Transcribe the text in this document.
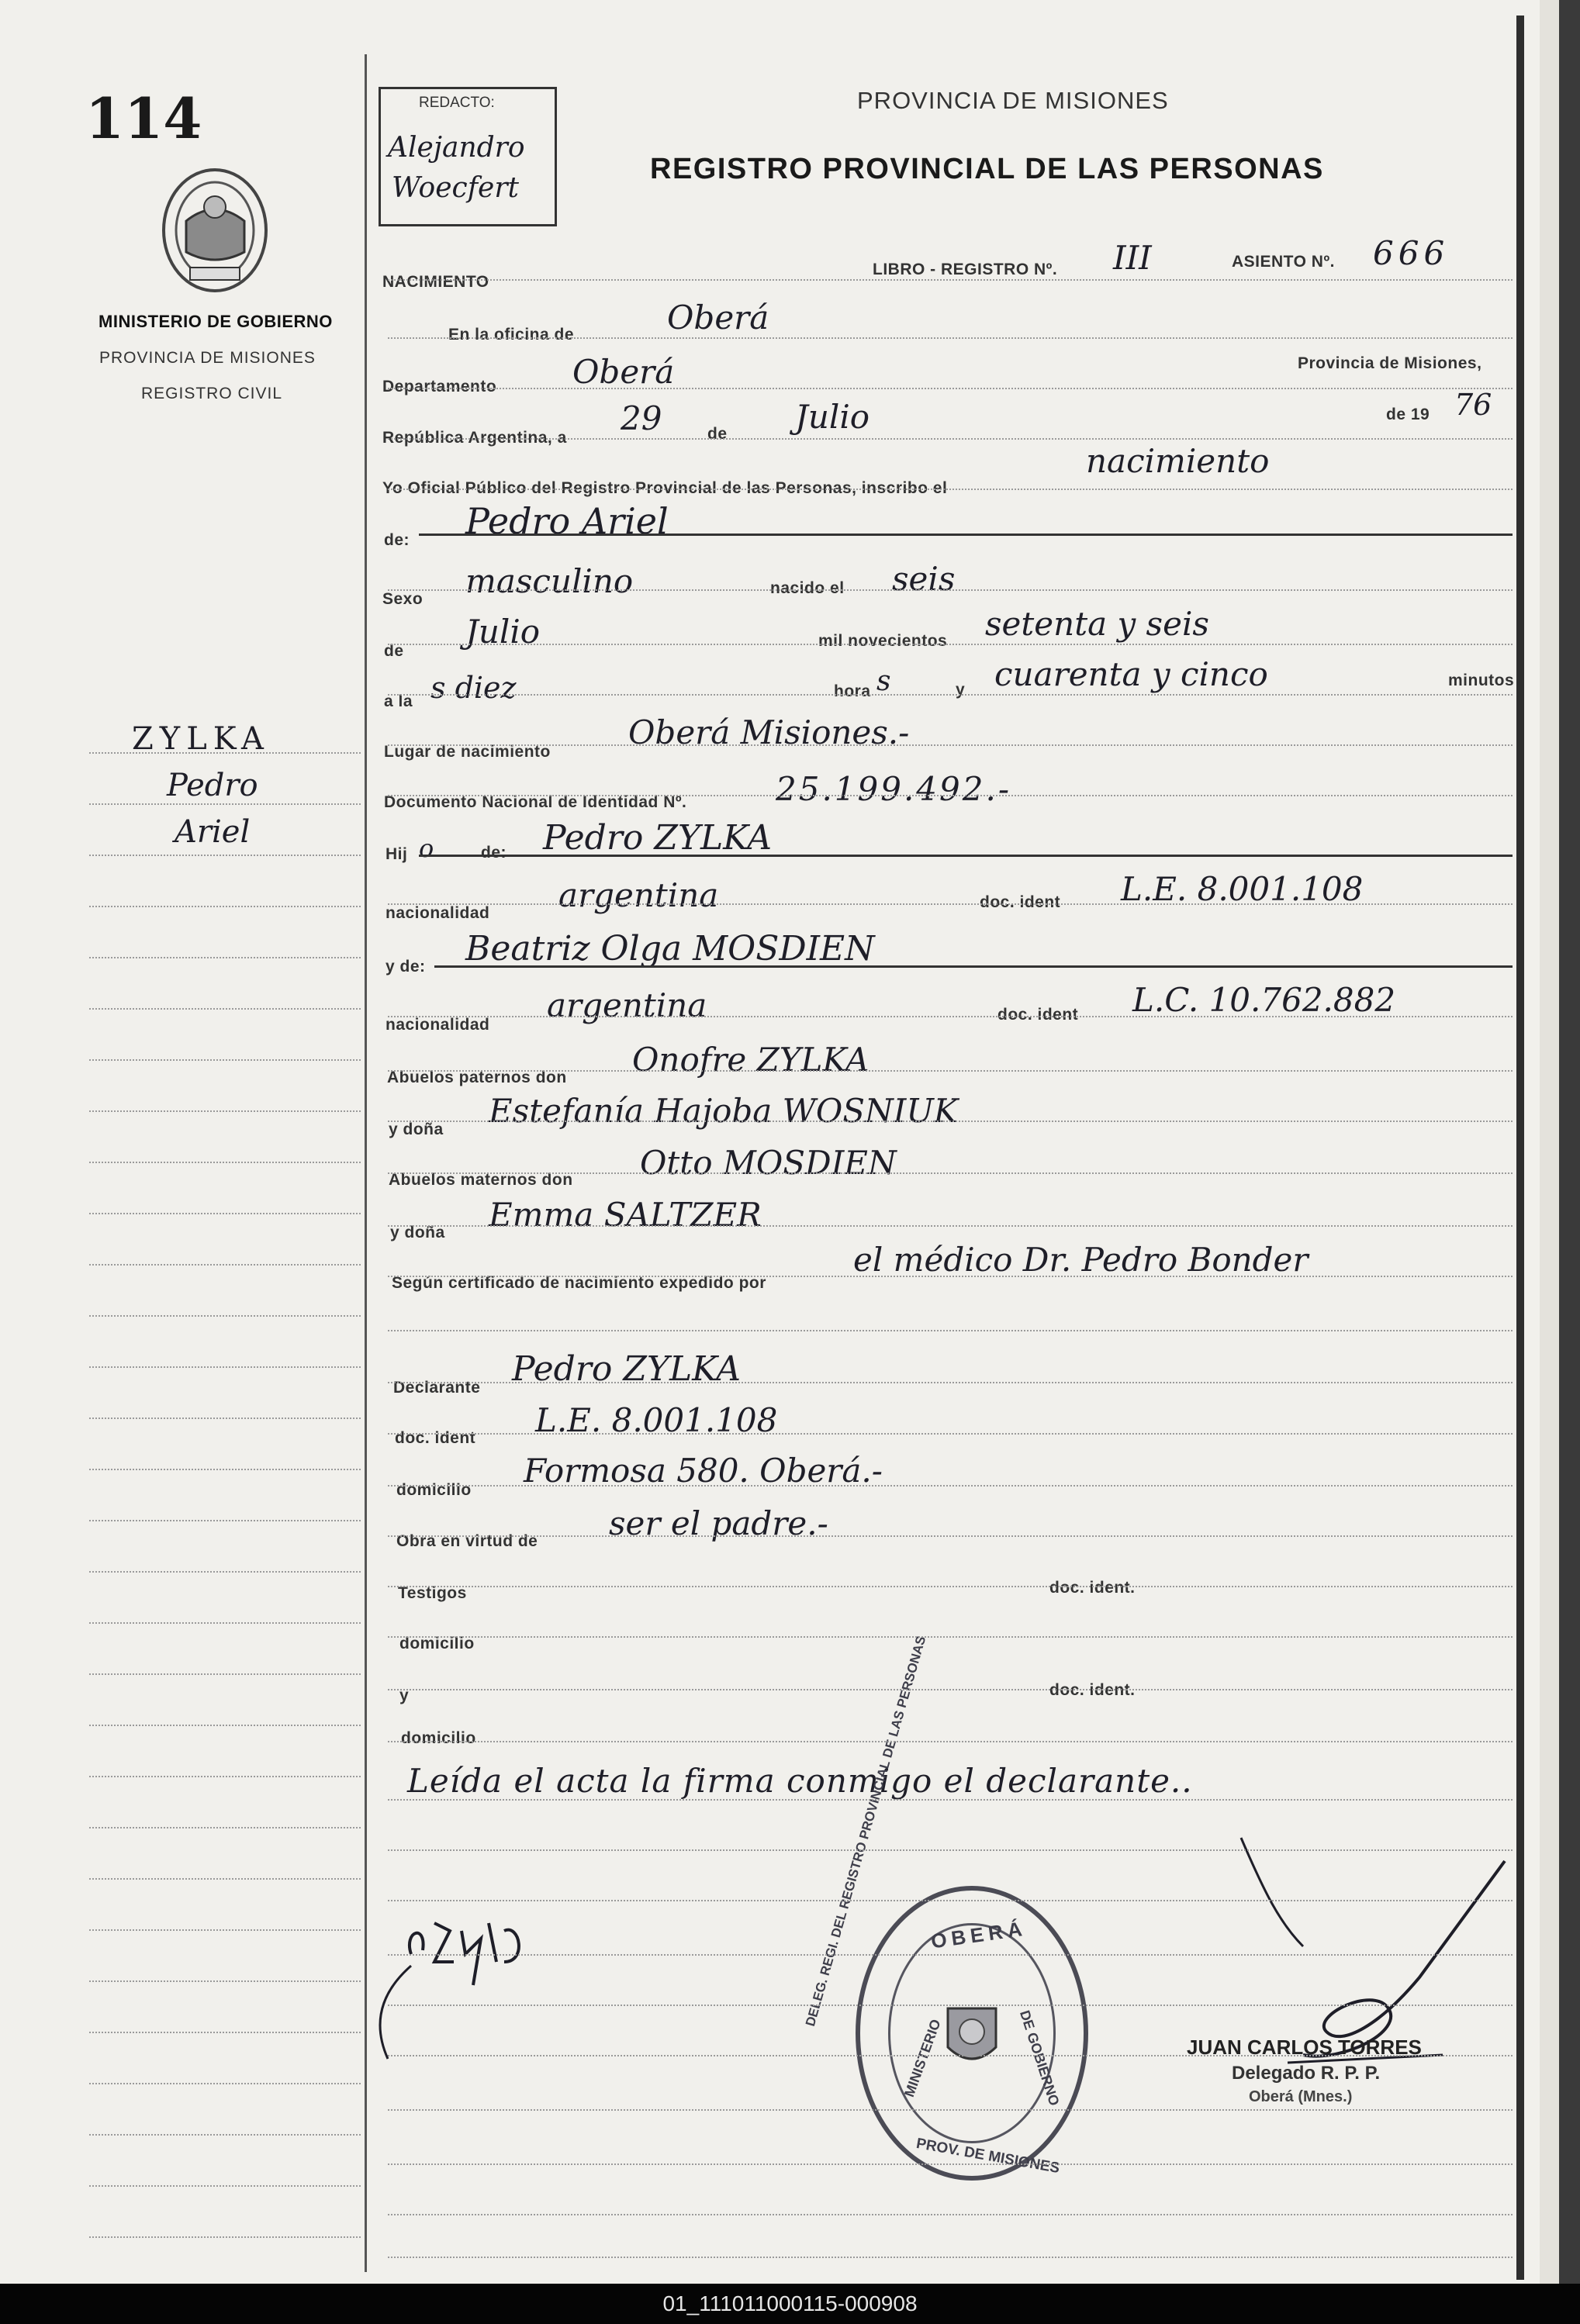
114
MINISTERIO DE GOBIERNO
PROVINCIA DE MISIONES
REGISTRO CIVIL
ZYLKA
Pedro
Ariel
REDACTO:
Alejandro
Woecfert
PROVINCIA DE MISIONES
REGISTRO PROVINCIAL DE LAS PERSONAS
NACIMIENTO
LIBRO - REGISTRO Nº. III	ASIENTO Nº. 666
En la oficina de	Oberá
Departamento Oberá	Provincia de Misiones,
República Argentina, a
29	de Julio	de 19 76
Yo Oficial Público del Registro Provincial de las Personas, inscribo el
nacimiento
de: Pedro Ariel
Sexo masculino	nacido el seis
de
Julio	mil novecientos setenta y seis
a la s diez	hora s	y cuarenta y cinco	minutos
Lugar de nacimiento
Oberá Misiones.-
Documento Nacional de Identidad Nº.	25.199.492.-
Hij o	de: Pedro ZYLKA
nacionalidad argentina	doc. ident L.E. 8.001.108
y de: Beatriz Olga MOSDIEN
nacionalidad
argentina	doc. ident L.C. 10.762.882
Abuelos paternos don Onofre ZYLKA
y doña Estefanía Hajoba WOSNIUK
Abuelos maternos don Otto MOSDIEN
y doña Emma SALTZER
Según certificado de nacimiento expedido por
el médico Dr. Pedro Bonder
Declarante Pedro ZYLKA
doc. ident L.E. 8.001.108
domicilio
Formosa 580. Oberá.-
Obra en virtud de ser el padre.-
Testigos	doc. ident.
domicilio
y	doc. ident.
domicilio
Leída el acta la firma conmigo el declarante..
OBERÁ
MINISTERIO	DE GOBIERNO
PROV. DE MISIONES
JUAN CARLOS TORRES
Delegado R. P. P.
Oberá (Mnes.)
01_111011000115-000908
